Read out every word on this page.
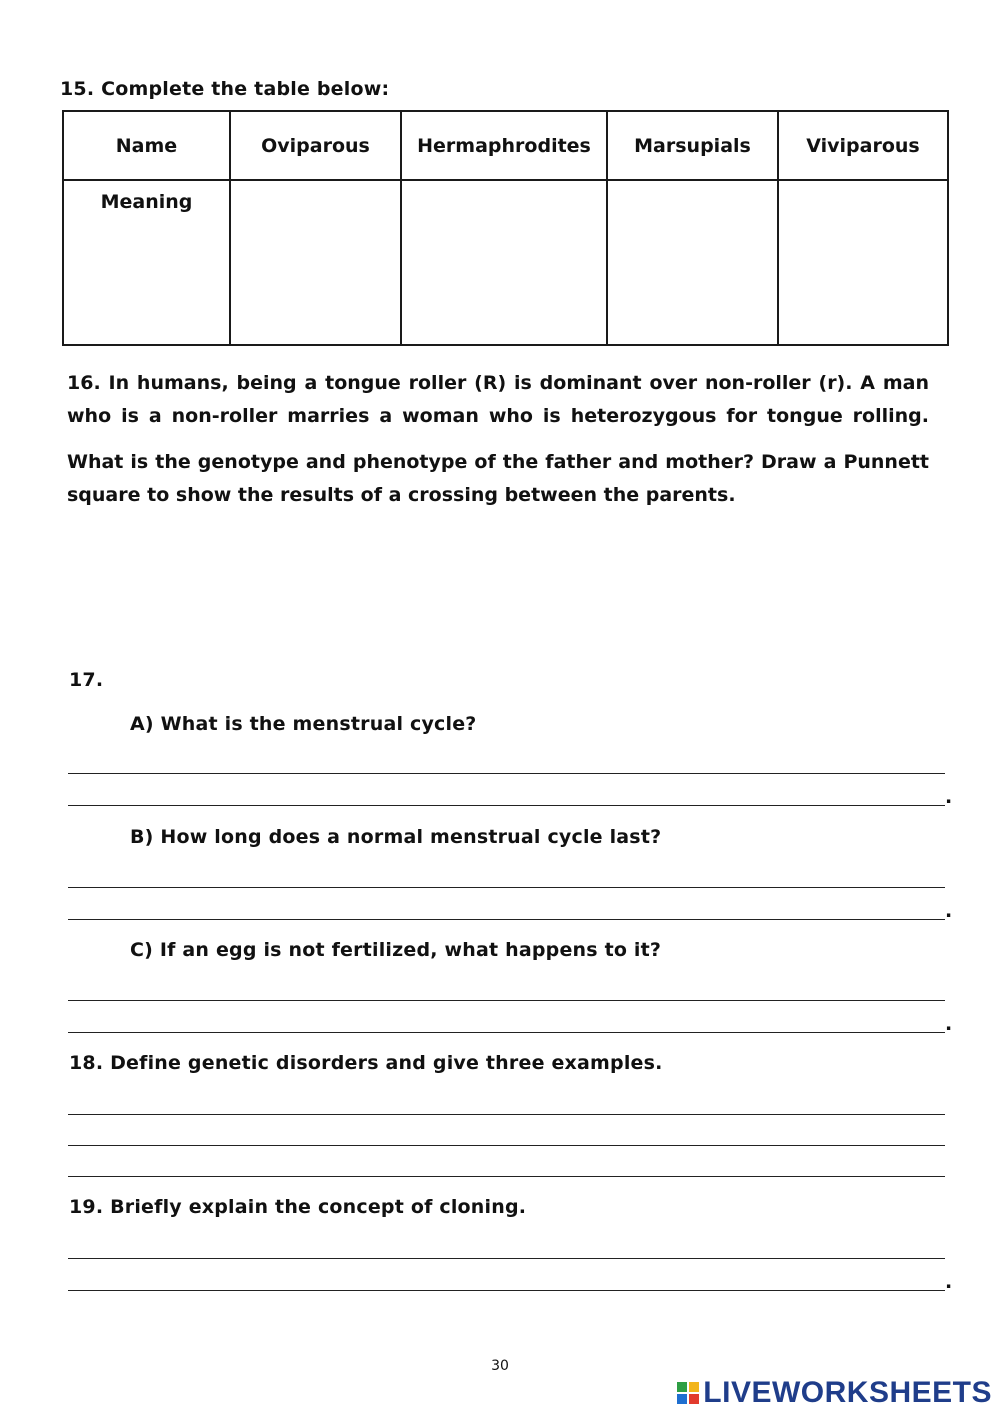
15. Complete the table below:
Name	Oviparous	Hermaphrodites	Marsupials	Viviparous
Meaning				
16. In humans, being a tongue roller (R) is dominant over non-roller (r). A man
who is a non-roller marries a woman who is heterozygous for tongue rolling.
What is the genotype and phenotype of the father and mother? Draw a Punnett
square to show the results of a crossing between the parents.
17.
A) What is the menstrual cycle?
.
B) How long does a normal menstrual cycle last?
.
C) If an egg is not fertilized, what happens to it?
.
18. Define genetic disorders and give three examples.
19. Briefly explain the concept of cloning.
.
30
LIVEWORKSHEETS
